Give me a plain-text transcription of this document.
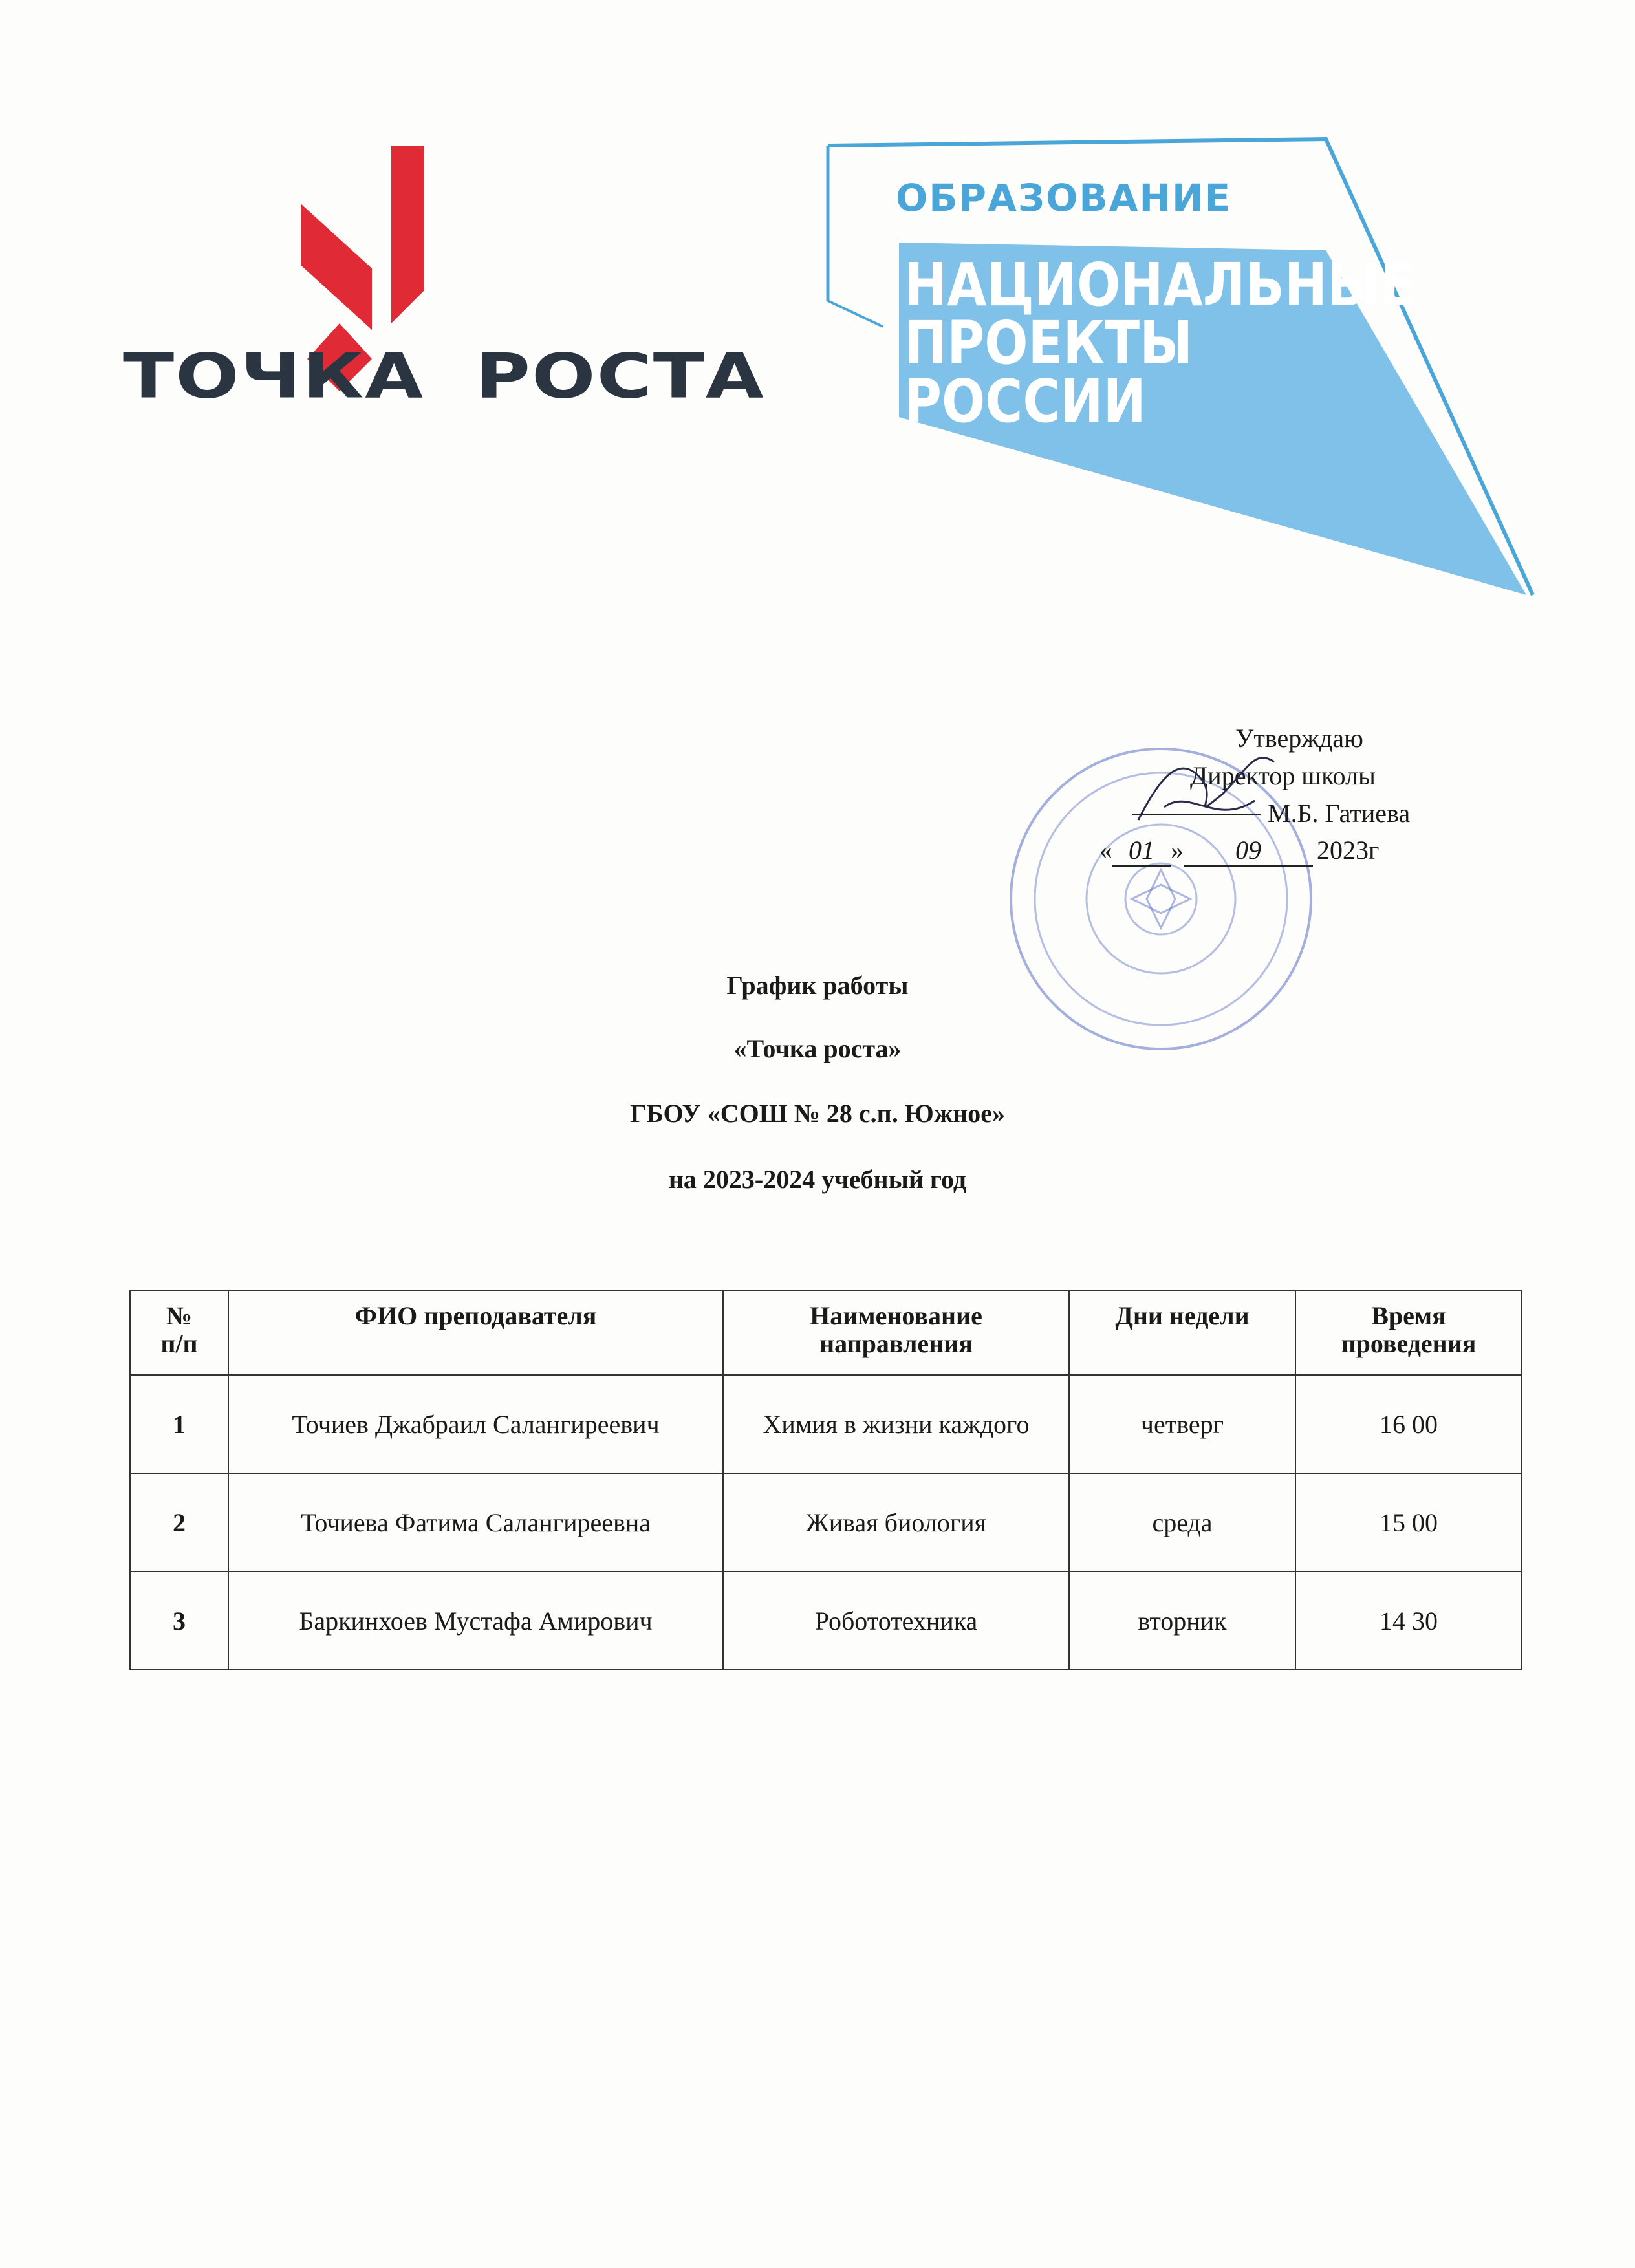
ТОЧКА РОСТА
ОБРАЗОВАНИЕ
НАЦИОНАЛЬНЫЕ
ПРОЕКТЫ
РОССИИ
Утверждаю
Директор школы
М.Б. Гатиева
« 01 » 09 2023г
График работы
«Точка роста»
ГБОУ «СОШ № 28 с.п. Южное»
на 2023-2024 учебный год
№
п/п	ФИО преподавателя	Наименование направления	Дни недели	Время проведения
1	Точиев Джабраил Салангиреевич	Химия в жизни каждого	четверг	16 00
2	Точиева Фатима Салангиреевна	Живая биология	среда	15 00
3	Баркинхоев Мустафа Амирович	Робототехника	вторник	14 30
